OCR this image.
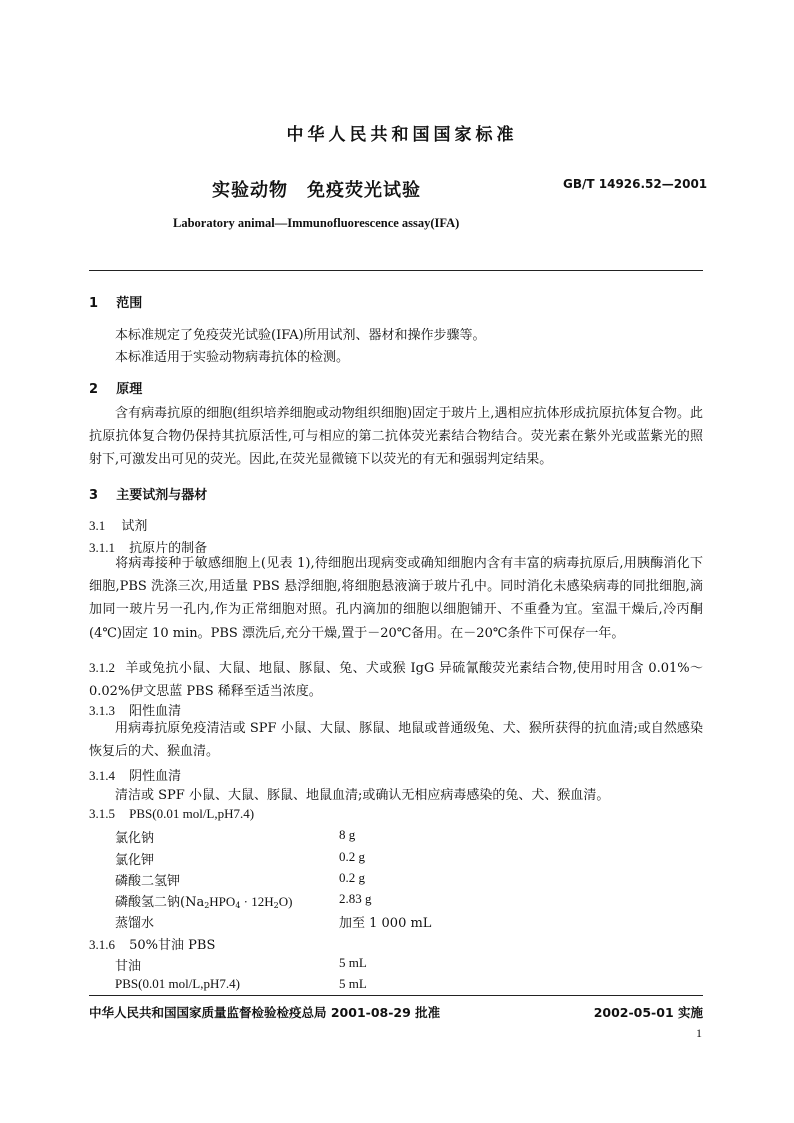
中华人民共和国国家标准
实验动物　免疫荧光试验	GB/T 14926.52—2001
Laboratory animal—Immunofluorescence assay(IFA)
1 范围
本标准规定了免疫荧光试验(IFA)所用试剂、器材和操作步骤等。
本标准适用于实验动物病毒抗体的检测。
2 原理
含有病毒抗原的细胞(组织培养细胞或动物组织细胞)固定于玻片上,遇相应抗体形成抗原抗体复合物。此抗原抗体复合物仍保持其抗原活性,可与相应的第二抗体荧光素结合物结合。荧光素在紫外光或蓝紫光的照射下,可激发出可见的荧光。因此,在荧光显微镜下以荧光的有无和强弱判定结果。
3 主要试剂与器材
3.1 试剂
3.1.1 抗原片的制备
将病毒接种于敏感细胞上(见表 1),待细胞出现病变或确知细胞内含有丰富的病毒抗原后,用胰酶消化下细胞,PBS 洗涤三次,用适量 PBS 悬浮细胞,将细胞悬液滴于玻片孔中。同时消化未感染病毒的同批细胞,滴加同一玻片另一孔内,作为正常细胞对照。孔内滴加的细胞以细胞铺开、不重叠为宜。室温干燥后,冷丙酮(4℃)固定 10 min。PBS 漂洗后,充分干燥,置于－20℃备用。在－20℃条件下可保存一年。
3.1.2 羊或兔抗小鼠、大鼠、地鼠、豚鼠、兔、犬或猴 IgG 异硫氰酸荧光素结合物,使用时用含 0.01%～0.02%伊文思蓝 PBS 稀释至适当浓度。
3.1.3 阳性血清
用病毒抗原免疫清洁或 SPF 小鼠、大鼠、豚鼠、地鼠或普通级兔、犬、猴所获得的抗血清;或自然感染恢复后的犬、猴血清。
3.1.4 阴性血清
清洁或 SPF 小鼠、大鼠、豚鼠、地鼠血清;或确认无相应病毒感染的兔、犬、猴血清。
3.1.5 PBS(0.01 mol/L,pH7.4)
氯化钠	8 g
氯化钾	0.2 g
磷酸二氢钾	0.2 g
磷酸氢二钠$(Na_2HPO_4 \cdot 12H_2O)$	2.83 g
蒸馏水	加至 1 000 mL
3.1.6 50%甘油 PBS
甘油	5 mL
PBS(0.01 mol/L,pH7.4)	5 mL
中华人民共和国国家质量监督检验检疫总局 2001-08-29 批准	2002-05-01 实施
1
